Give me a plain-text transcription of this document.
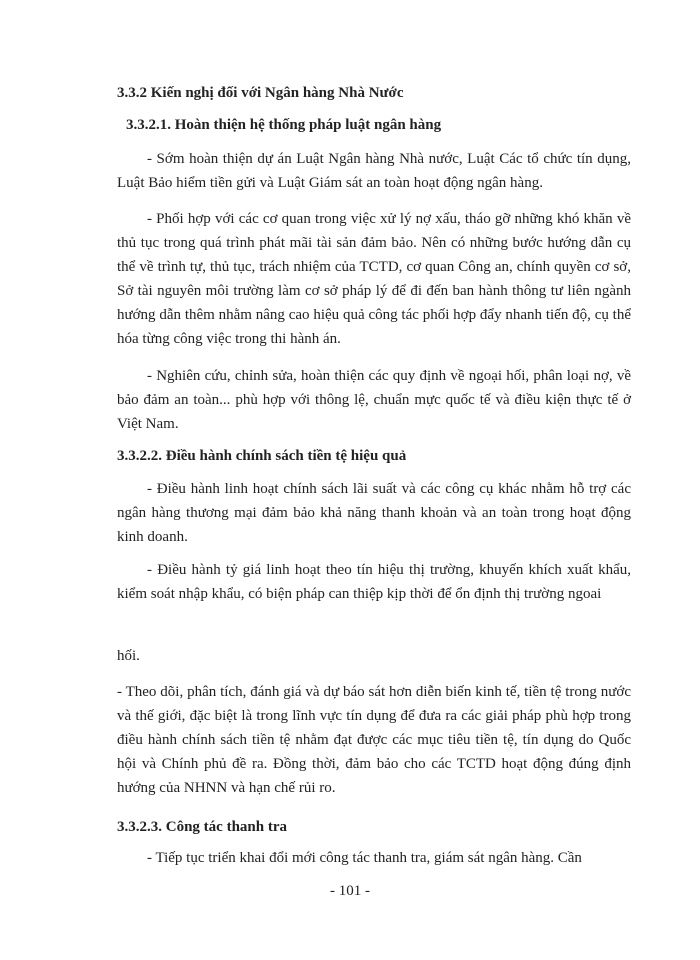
3.3.2 Kiến nghị đối với Ngân hàng Nhà Nước
3.3.2.1. Hoàn thiện hệ thống pháp luật ngân hàng
- Sớm hoàn thiện dự án Luật Ngân hàng Nhà nước, Luật Các tổ chức tín dụng, Luật Bảo hiểm tiền gửi và Luật Giám sát an toàn hoạt động ngân hàng.
- Phối hợp với các cơ quan trong việc xử lý nợ xấu, tháo gỡ những khó khăn về thủ tục trong quá trình phát mãi tài sản đảm bảo. Nên có những bước hướng dẫn cụ thể về trình tự, thủ tục, trách nhiệm của TCTD, cơ quan Công an, chính quyền cơ sở, Sở tài nguyên môi trường làm cơ sở pháp lý để đi đến ban hành thông tư liên ngành hướng dẫn thêm nhằm nâng cao hiệu quả công tác phối hợp đẩy nhanh tiến độ, cụ thể hóa từng công việc trong thi hành án.
- Nghiên cứu, chỉnh sửa, hoàn thiện các quy định về ngoại hối, phân loại nợ, về bảo đảm an toàn... phù hợp với thông lệ, chuẩn mực quốc tế và điều kiện thực tế ở Việt Nam.
3.3.2.2. Điều hành chính sách tiền tệ hiệu quả
- Điều hành linh hoạt chính sách lãi suất và các công cụ khác nhằm hỗ trợ các ngân hàng thương mại đảm bảo khả năng thanh khoản và an toàn trong hoạt động kinh doanh.
- Điều hành tỷ giá linh hoạt theo tín hiệu thị trường, khuyến khích xuất khẩu, kiểm soát nhập khẩu, có biện pháp can thiệp kịp thời để ổn định thị trường ngoai
hối.
- Theo dõi, phân tích, đánh giá và dự báo sát hơn diễn biến kinh tế, tiền tệ trong nước và thế giới, đặc biệt là trong lĩnh vực tín dụng để đưa ra các giải pháp phù hợp trong điều hành chính sách tiền tệ nhằm đạt được các mục tiêu tiền tệ, tín dụng do Quốc hội và Chính phủ đề ra. Đồng thời, đảm bảo cho các TCTD hoạt động đúng định hướng của NHNN và hạn chế rủi ro.
3.3.2.3. Công tác thanh tra
- Tiếp tục triển khai đổi mới công tác thanh tra, giám sát ngân hàng. Cần
- 101 -
